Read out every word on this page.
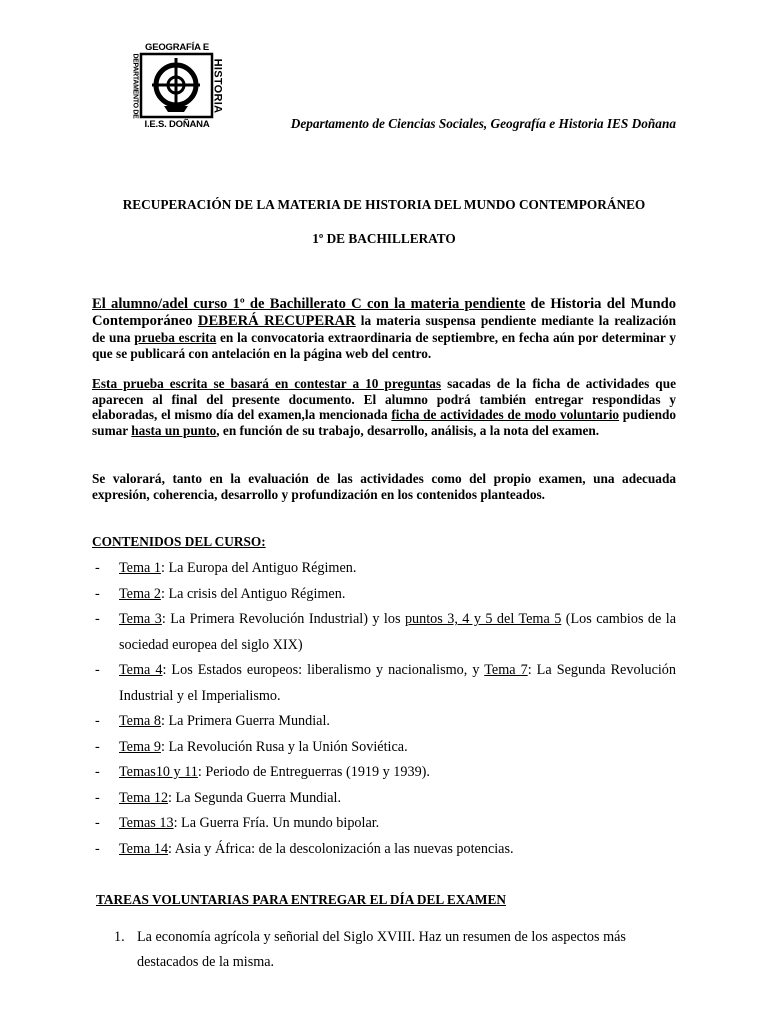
GEOGRAFÍA E
DEPARTAMENTO DE	HISTORIA
I.E.S. DOÑANA	Departamento de Ciencias Sociales, Geografía e Historia IES Doñana
RECUPERACIÓN DE LA MATERIA DE HISTORIA DEL MUNDO CONTEMPORÁNEO
1º DE BACHILLERATO
El alumno/adel curso 1º de Bachillerato C con la materia pendiente de Historia del Mundo Contemporáneo DEBERÁ RECUPERAR la materia suspensa pendiente mediante la realización de una prueba escrita en la convocatoria extraordinaria de septiembre, en fecha aún por determinar y que se publicará con antelación en la página web del centro.
Esta prueba escrita se basará en contestar a 10 preguntas sacadas de la ficha de actividades que aparecen al final del presente documento. El alumno podrá también entregar respondidas y elaboradas, el mismo día del examen,la mencionada ficha de actividades de modo voluntario pudiendo sumar hasta un punto, en función de su trabajo, desarrollo, análisis, a la nota del examen.
Se valorará, tanto en la evaluación de las actividades como del propio examen, una adecuada expresión, coherencia, desarrollo y profundización en los contenidos planteados.
CONTENIDOS DEL CURSO:
- Tema 1: La Europa del Antiguo Régimen.
- Tema 2: La crisis del Antiguo Régimen.
- Tema 3: La Primera Revolución Industrial) y los puntos 3, 4 y 5 del Tema 5 (Los cambios de la sociedad europea del siglo XIX)
- Tema 4: Los Estados europeos: liberalismo y nacionalismo, y Tema 7: La Segunda Revolución Industrial y el Imperialismo.
- Tema 8: La Primera Guerra Mundial.
- Tema 9: La Revolución Rusa y la Unión Soviética.
- Temas10 y 11: Periodo de Entreguerras (1919 y 1939).
- Tema 12: La Segunda Guerra Mundial.
- Temas 13: La Guerra Fría. Un mundo bipolar.
- Tema 14: Asia y África: de la descolonización a las nuevas potencias.
TAREAS VOLUNTARIAS PARA ENTREGAR EL DÍA DEL EXAMEN
1. La economía agrícola y señorial del Siglo XVIII. Haz un resumen de los aspectos más destacados de la misma.
